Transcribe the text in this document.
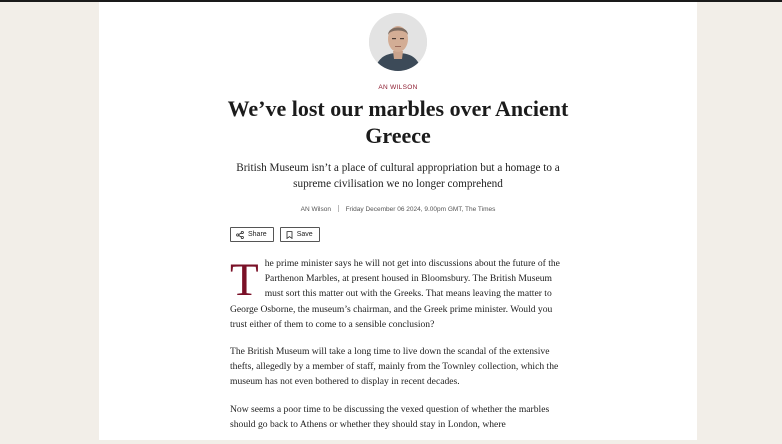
AN WILSON
We’ve lost our marbles over Ancient Greece

British Museum isn’t a place of cultural appropriation but a homage to a supreme civilisation we no longer comprehend

AN Wilson Friday December 06 2024, 9.00pm GMT, The Times
Share	Save

The prime minister says he will not get into discussions about the future of the Parthenon Marbles, at present housed in Bloomsbury. The British Museum must sort this matter out with the Greeks. That means leaving the matter to George Osborne, the museum’s chairman, and the Greek prime minister. Would you trust either of them to come to a sensible conclusion?

The British Museum will take a long time to live down the scandal of the extensive thefts, allegedly by a member of staff, mainly from the Townley collection, which the museum has not even bothered to display in recent decades.

Now seems a poor time to be discussing the vexed question of whether the marbles should go back to Athens or whether they should stay in London, where
